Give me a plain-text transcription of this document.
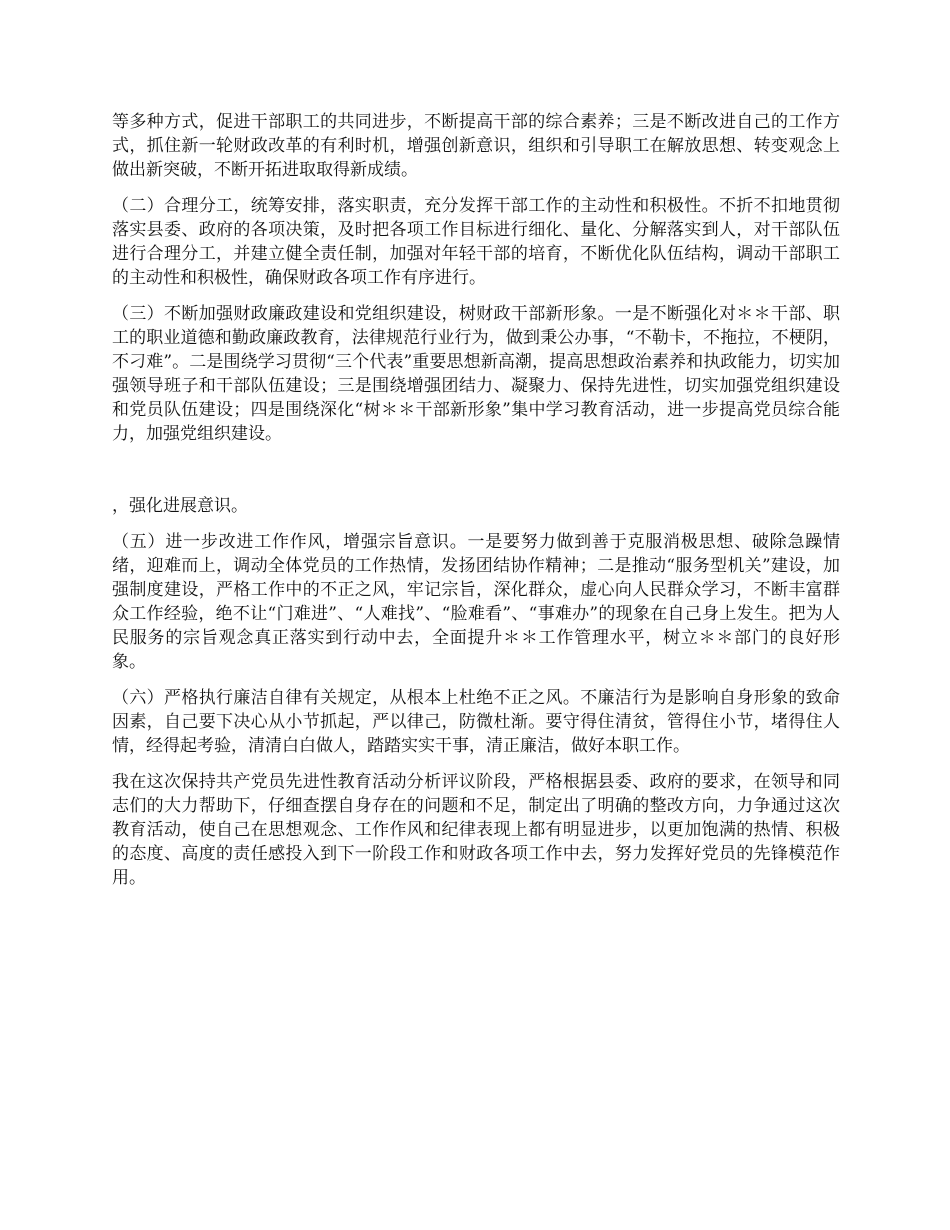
等多种方式，促进干部职工的共同进步，不断提高干部的综合素养；三是不断改进自己的工作方式，抓住新一轮财政改革的有利时机，增强创新意识，组织和引导职工在解放思想、转变观念上做出新突破，不断开拓进取取得新成绩。

（二）合理分工，统筹安排，落实职责，充分发挥干部工作的主动性和积极性。不折不扣地贯彻落实县委、政府的各项决策，及时把各项工作目标进行细化、量化、分解落实到人，对干部队伍进行合理分工，并建立健全责任制，加强对年轻干部的培育，不断优化队伍结构，调动干部职工的主动性和积极性，确保财政各项工作有序进行。

（三）不断加强财政廉政建设和党组织建设，树财政干部新形象。一是不断强化对＊＊干部、职工的职业道德和勤政廉政教育，法律规范行业行为，做到秉公办事，“不勒卡，不拖拉，不梗阴，不刁难”。二是围绕学习贯彻“三个代表”重要思想新高潮，提高思想政治素养和执政能力，切实加强领导班子和干部队伍建设；三是围绕增强团结力、凝聚力、保持先进性，切实加强党组织建设和党员队伍建设；四是围绕深化“树＊＊干部新形象”集中学习教育活动，进一步提高党员综合能力，加强党组织建设。

，强化进展意识。

（五）进一步改进工作作风，增强宗旨意识。一是要努力做到善于克服消极思想、破除急躁情绪，迎难而上，调动全体党员的工作热情，发扬团结协作精神；二是推动“服务型机关”建设，加强制度建设，严格工作中的不正之风，牢记宗旨，深化群众，虚心向人民群众学习，不断丰富群众工作经验，绝不让“门难进”、“人难找”、“脸难看”、“事难办”的现象在自己身上发生。把为人民服务的宗旨观念真正落实到行动中去，全面提升＊＊工作管理水平，树立＊＊部门的良好形象。

（六）严格执行廉洁自律有关规定，从根本上杜绝不正之风。不廉洁行为是影响自身形象的致命因素，自己要下决心从小节抓起，严以律己，防微杜渐。要守得住清贫，管得住小节，堵得住人情，经得起考验，清清白白做人，踏踏实实干事，清正廉洁，做好本职工作。

我在这次保持共产党员先进性教育活动分析评议阶段，严格根据县委、政府的要求，在领导和同志们的大力帮助下，仔细查摆自身存在的问题和不足，制定出了明确的整改方向，力争通过这次教育活动，使自己在思想观念、工作作风和纪律表现上都有明显进步，以更加饱满的热情、积极的态度、高度的责任感投入到下一阶段工作和财政各项工作中去，努力发挥好党员的先锋模范作用。
